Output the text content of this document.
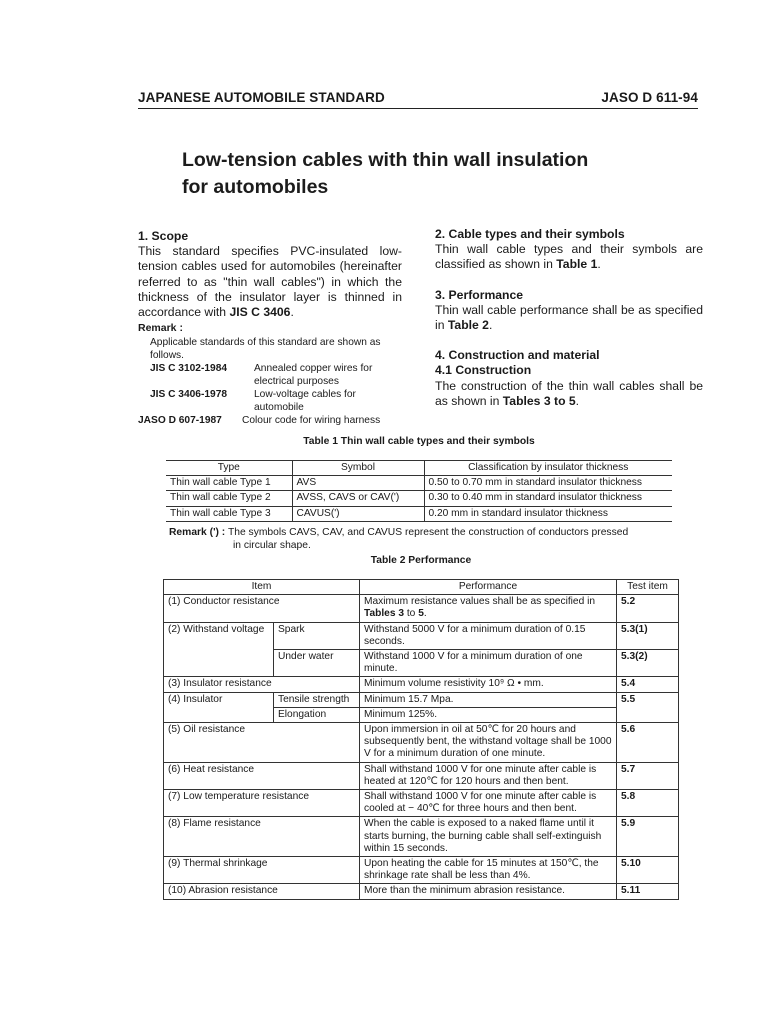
JAPANESE AUTOMOBILE STANDARD	JASO D 611-94
Low-tension cables with thin wall insulation
for automobiles
1. Scope
This standard specifies PVC-insulated low-tension cables used for automobiles (hereinafter referred to as "thin wall cables") in which the thickness of the insulator layer is thinned in accordance with JIS C 3406.
Remark :
Applicable standards of this standard are shown as follows.
JIS C 3102-1984	Annealed copper wires for electrical purposes
JIS C 3406-1978	Low-voltage cables for automobile
JASO D 607-1987	Colour code for wiring harness
2. Cable types and their symbols
Thin wall cable types and their symbols are classified as shown in Table 1.
3. Performance
Thin wall cable performance shall be as specified in Table 2.
4. Construction and material
4.1 Construction
The construction of the thin wall cables shall be as shown in Tables 3 to 5.
Table 1 Thin wall cable types and their symbols
Type	Symbol	Classification by insulator thickness
Thin wall cable Type 1	AVS	0.50 to 0.70 mm in standard insulator thickness
Thin wall cable Type 2	AVSS, CAVS or CAV(')	0.30 to 0.40 mm in standard insulator thickness
Thin wall cable Type 3	CAVUS(')	0.20 mm in standard insulator thickness
Remark (') : The symbols CAVS, CAV, and CAVUS represent the construction of conductors pressed
in circular shape.
Table 2 Performance
Item		Performance	Test item
(1) Conductor resistance		Maximum resistance values shall be as specified in Tables 3 to 5.	5.2
(2) Withstand voltage	Spark	Withstand 5000 V for a minimum duration of 0.15 seconds.	5.3(1)
	Under water	Withstand 1000 V for a minimum duration of one minute.	5.3(2)
(3) Insulator resistance		Minimum volume resistivity 10⁹ Ω • mm.	5.4
(4) Insulator	Tensile strength	Minimum 15.7 Mpa.	5.5
	Elongation	Minimum 125%.	
(5) Oil resistance		Upon immersion in oil at 50℃ for 20 hours and subsequently bent, the withstand voltage shall be 1000 V for a minimum duration of one minute.	5.6
(6) Heat resistance		Shall withstand 1000 V for one minute after cable is heated at 120℃ for 120 hours and then bent.	5.7
(7) Low temperature resistance		Shall withstand 1000 V for one minute after cable is cooled at − 40℃ for three hours and then bent.	5.8
(8) Flame resistance		When the cable is exposed to a naked flame until it starts burning, the burning cable shall self-extinguish within 15 seconds.	5.9
(9) Thermal shrinkage		Upon heating the cable for 15 minutes at 150℃, the shrinkage rate shall be less than 4%.	5.10
(10) Abrasion resistance		More than the minimum abrasion resistance.	5.11
